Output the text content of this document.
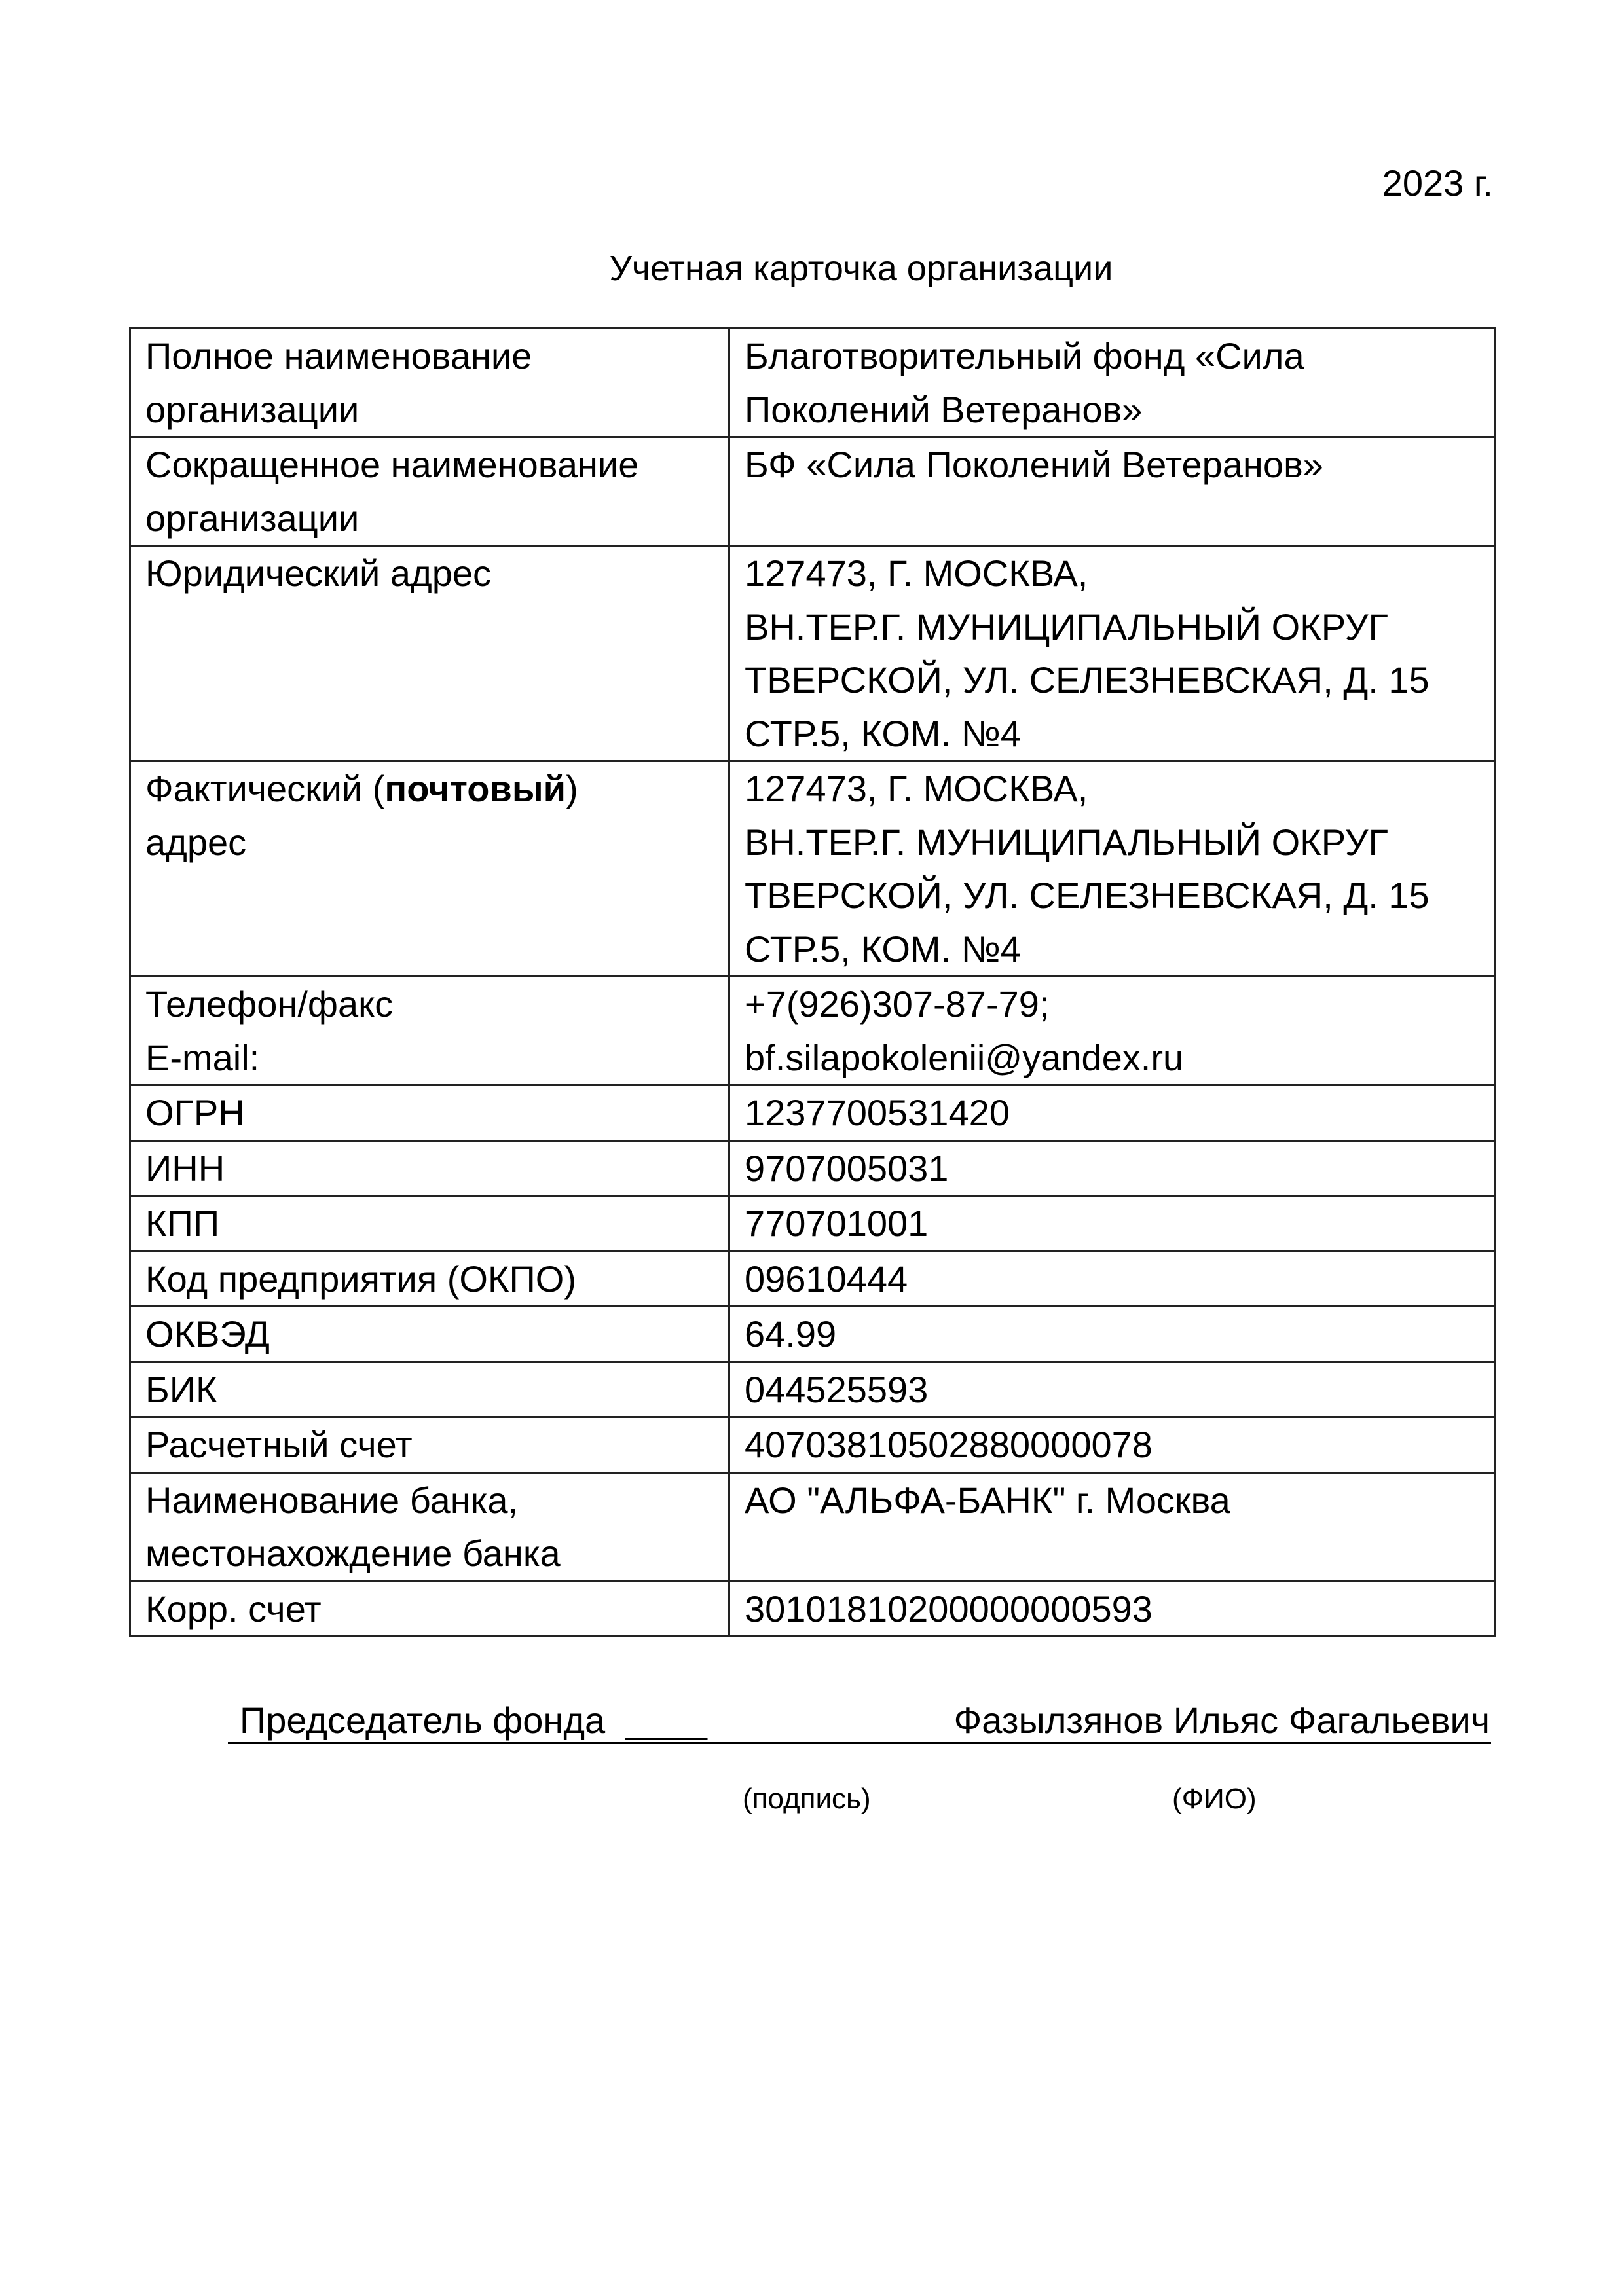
2023 г.
Учетная карточка организации
Полное наименование
организации	Благотворительный фонд «Сила
Поколений Ветеранов»

Сокращенное наименование
организации	БФ «Сила Поколений Ветеранов»

Юридический адрес	127473, Г. МОСКВА,
ВН.ТЕР.Г. МУНИЦИПАЛЬНЫЙ ОКРУГ
ТВЕРСКОЙ, УЛ. СЕЛЕЗНЕВСКАЯ, Д. 15
СТР.5, КОМ. №4

Фактический (почтовый)
адрес	127473, Г. МОСКВА,
ВН.ТЕР.Г. МУНИЦИПАЛЬНЫЙ ОКРУГ
ТВЕРСКОЙ, УЛ. СЕЛЕЗНЕВСКАЯ, Д. 15
СТР.5, КОМ. №4

Телефон/факс
E-mail:	+7(926)307-87-79;
bf.silapokolenii@yandex.ru

ОГРН	1237700531420
ИНН	9707005031
КПП	770701001
Код предприятия (ОКПО)	09610444
ОКВЭД	64.99
БИК	044525593
Расчетный счет	40703810502880000078

Наименование банка,
местонахождение банка	АО "АЛЬФА-БАНК" г. Москва

Корр. счет	30101810200000000593
Председатель фонда ____	Фазылзянов Ильяс Фагальевич
(подпись)	(ФИО)
